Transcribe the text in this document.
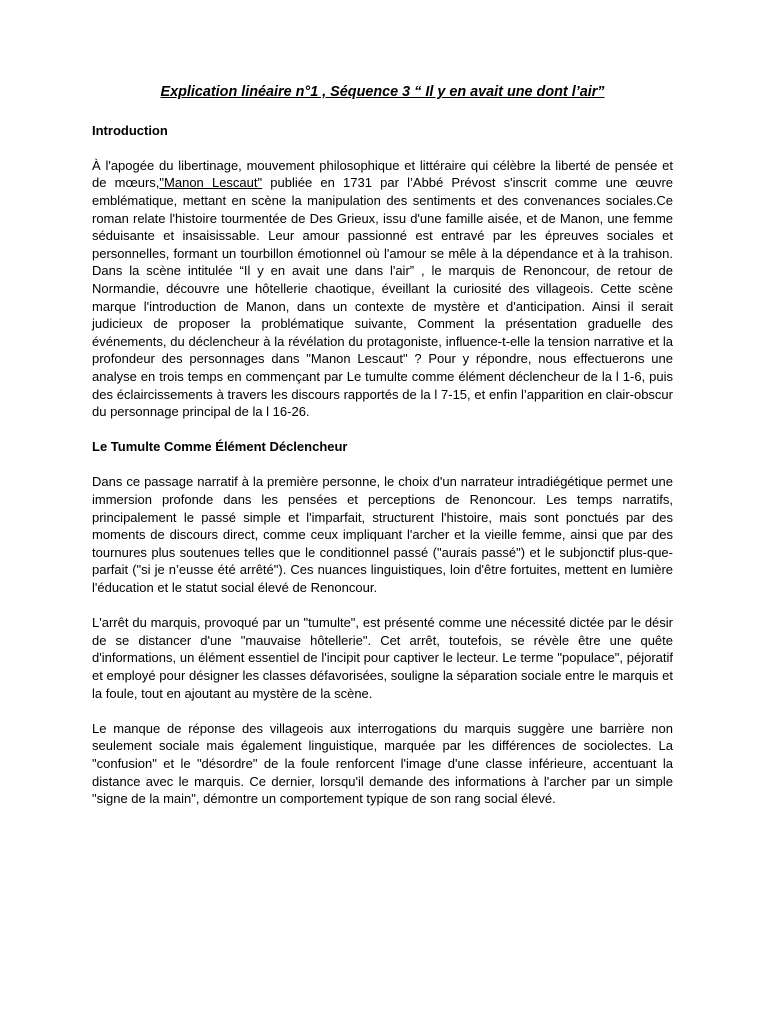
Explication linéaire n°1 , Séquence 3 “ Il y en avait une dont l’air”
Introduction
À l'apogée du libertinage, mouvement philosophique et littéraire qui célèbre la liberté de pensée et de mœurs,"Manon Lescaut" publiée en 1731 par l’Abbé Prévost s'inscrit comme une œuvre emblématique, mettant en scène la manipulation des sentiments et des convenances sociales.Ce roman relate l'histoire tourmentée de Des Grieux, issu d'une famille aisée, et de Manon, une femme séduisante et insaisissable. Leur amour passionné est entravé par les épreuves sociales et personnelles, formant un tourbillon émotionnel où l'amour se mêle à la dépendance et à la trahison. Dans la scène intitulée “Il y en avait une dans l'air” , le marquis de Renoncour, de retour de Normandie, découvre une hôtellerie chaotique, éveillant la curiosité des villageois. Cette scène marque l'introduction de Manon, dans un contexte de mystère et d'anticipation. Ainsi il serait judicieux de proposer la problématique suivante, Comment la présentation graduelle des événements, du déclencheur à la révélation du protagoniste, influence-t-elle la tension narrative et la profondeur des personnages dans "Manon Lescaut" ? Pour y répondre, nous effectuerons une analyse en trois temps en commençant par Le tumulte comme élément déclencheur de la l 1-6, puis des éclaircissements à travers les discours rapportés de la l 7-15, et enfin l’apparition en clair-obscur du personnage principal de la l 16-26.
Le Tumulte Comme Élément Déclencheur
Dans ce passage narratif à la première personne, le choix d'un narrateur intradiégétique permet une immersion profonde dans les pensées et perceptions de Renoncour. Les temps narratifs, principalement le passé simple et l'imparfait, structurent l'histoire, mais sont ponctués par des moments de discours direct, comme ceux impliquant l'archer et la vieille femme, ainsi que par des tournures plus soutenues telles que le conditionnel passé ("aurais passé") et le subjonctif plus-que-parfait ("si je n’eusse été arrêté"). Ces nuances linguistiques, loin d'être fortuites, mettent en lumière l'éducation et le statut social élevé de Renoncour.
L'arrêt du marquis, provoqué par un "tumulte", est présenté comme une nécessité dictée par le désir de se distancer d'une "mauvaise hôtellerie". Cet arrêt, toutefois, se révèle être une quête d'informations, un élément essentiel de l'incipit pour captiver le lecteur. Le terme "populace", péjoratif et employé pour désigner les classes défavorisées, souligne la séparation sociale entre le marquis et la foule, tout en ajoutant au mystère de la scène.
Le manque de réponse des villageois aux interrogations du marquis suggère une barrière non seulement sociale mais également linguistique, marquée par les différences de sociolectes. La "confusion" et le "désordre" de la foule renforcent l'image d'une classe inférieure, accentuant la distance avec le marquis. Ce dernier, lorsqu'il demande des informations à l'archer par un simple "signe de la main", démontre un comportement typique de son rang social élevé.
